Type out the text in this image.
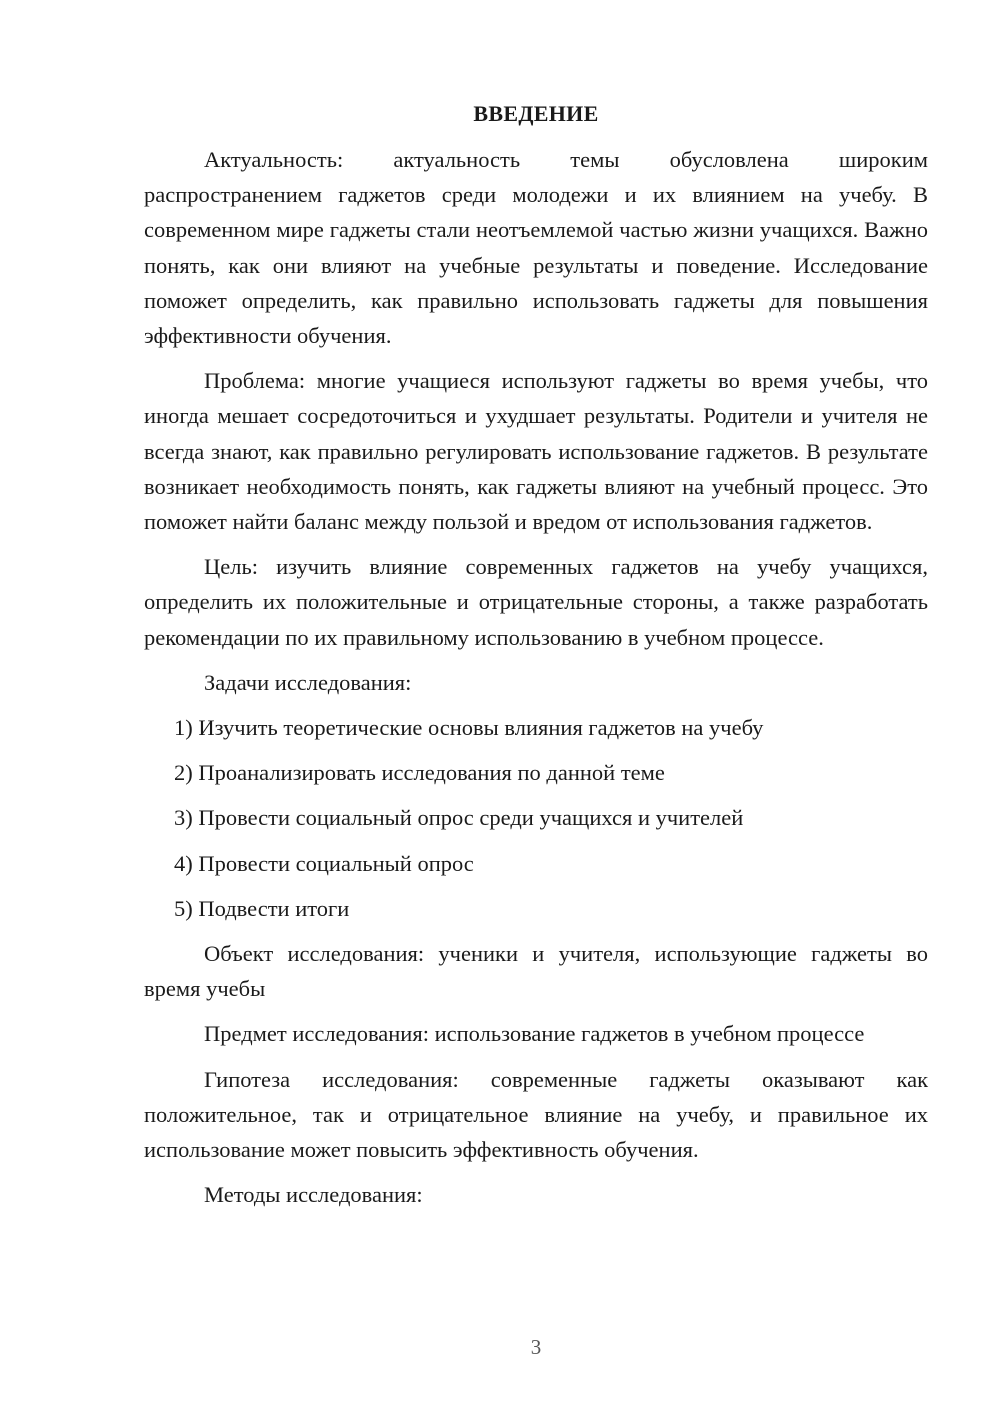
ВВЕДЕНИЕ

Актуальность: актуальность темы обусловлена широким распространением гаджетов среди молодежи и их влиянием на учебу. В современном мире гаджеты стали неотъемлемой частью жизни учащихся. Важно понять, как они влияют на учебные результаты и поведение. Исследование поможет определить, как правильно использовать гаджеты для повышения эффективности обучения.

Проблема: многие учащиеся используют гаджеты во время учебы, что иногда мешает сосредоточиться и ухудшает результаты. Родители и учителя не всегда знают, как правильно регулировать использование гаджетов. В результате возникает необходимость понять, как гаджеты влияют на учебный процесс. Это поможет найти баланс между пользой и вредом от использования гаджетов.

Цель: изучить влияние современных гаджетов на учебу учащихся, определить их положительные и отрицательные стороны, а также разработать рекомендации по их правильному использованию в учебном процессе.

Задачи исследования:

1) Изучить теоретические основы влияния гаджетов на учебу

2) Проанализировать исследования по данной теме

3) Провести социальный опрос среди учащихся и учителей

4) Провести социальный опрос

5) Подвести итоги

Объект исследования: ученики и учителя, использующие гаджеты во время учебы

Предмет исследования: использование гаджетов в учебном процессе

Гипотеза исследования: современные гаджеты оказывают как положительное, так и отрицательное влияние на учебу, и правильное их использование может повысить эффективность обучения.

Методы исследования:

3
